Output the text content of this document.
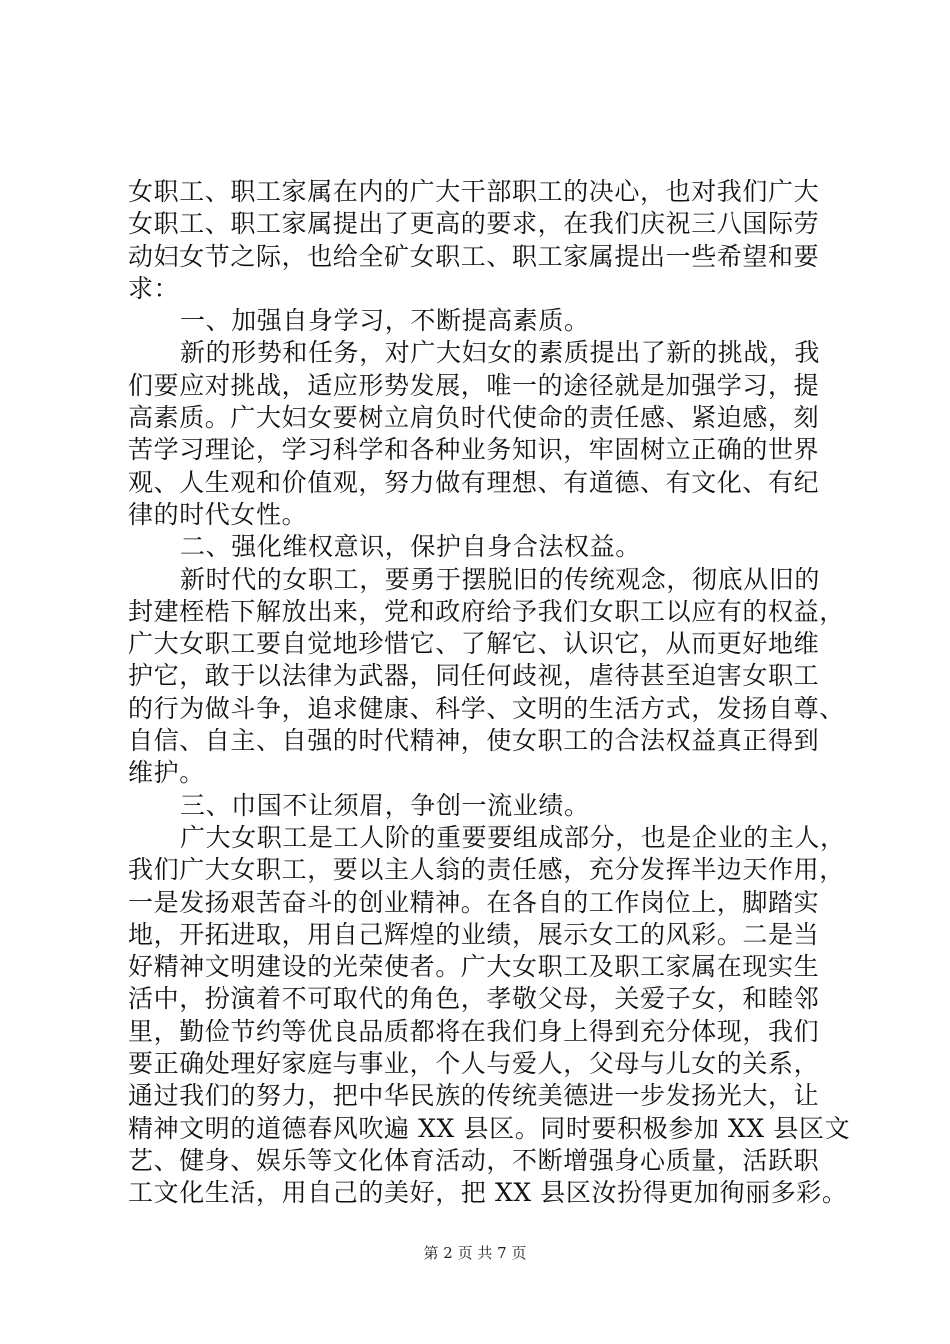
女职工、职工家属在内的广大干部职工的决心，也对我们广大
女职工、职工家属提出了更高的要求，在我们庆祝三八国际劳
动妇女节之际，也给全矿女职工、职工家属提出一些希望和要
求：
一、加强自身学习，不断提高素质。
新的形势和任务，对广大妇女的素质提出了新的挑战，我
们要应对挑战，适应形势发展，唯一的途径就是加强学习，提
高素质。广大妇女要树立肩负时代使命的责任感、紧迫感，刻
苦学习理论，学习科学和各种业务知识，牢固树立正确的世界
观、人生观和价值观，努力做有理想、有道德、有文化、有纪
律的时代女性。
二、强化维权意识，保护自身合法权益。
新时代的女职工，要勇于摆脱旧的传统观念，彻底从旧的
封建桎梏下解放出来，党和政府给予我们女职工以应有的权益，
广大女职工要自觉地珍惜它、了解它、认识它，从而更好地维
护它，敢于以法律为武器，同任何歧视，虐待甚至迫害女职工
的行为做斗争，追求健康、科学、文明的生活方式，发扬自尊、
自信、自主、自强的时代精神，使女职工的合法权益真正得到
维护。
三、巾国不让须眉，争创一流业绩。
广大女职工是工人阶的重要要组成部分，也是企业的主人，
我们广大女职工，要以主人翁的责任感，充分发挥半边天作用，
一是发扬艰苦奋斗的创业精神。在各自的工作岗位上，脚踏实
地，开拓进取，用自己辉煌的业绩，展示女工的风彩。二是当
好精神文明建设的光荣使者。广大女职工及职工家属在现实生
活中，扮演着不可取代的角色，孝敬父母，关爱子女，和睦邻
里，勤俭节约等优良品质都将在我们身上得到充分体现，我们
要正确处理好家庭与事业，个人与爱人，父母与儿女的关系，
通过我们的努力，把中华民族的传统美德进一步发扬光大，让
精神文明的道德春风吹遍 XX 县区。同时要积极参加 XX 县区文
艺、健身、娱乐等文化体育活动，不断增强身心质量，活跃职
工文化生活，用自己的美好，把 XX 县区汝扮得更加徇丽多彩。
第 2 页 共 7 页
